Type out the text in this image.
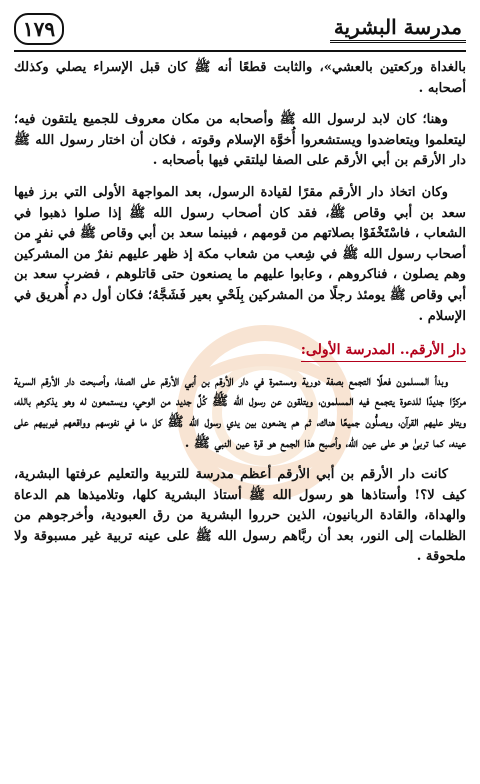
١٧٩	مدرسة البشرية

بالغداة وركعتين بالعشي»، والثابت قطعًا أنه ﷺ كان قبل الإسراء يصلي وكذلك أصحابه .

وهنا؛ كان لابد لرسول الله ﷺ وأصحابه من مكان معروف للجميع يلتقون فيه؛ ليتعلموا ويتعاضدوا ويستشعروا أُخوَّة الإسلام وقوته ، فكان أن اختار رسول الله ﷺ دار الأرقم بن أبي الأرقم على الصفا ليلتقي فيها بأصحابه .

وكان اتخاذ دار الأرقم مقرًا لقيادة الرسول، بعد المواجهة الأولى التي برز فيها سعد بن أبي وقاص ﷺ، فقد كان أصحاب رسول الله ﷺ إذا صلوا ذهبوا في الشعاب ، فاسْتَخْفَوْا بصلاتهم من قومهم ، فبينما سعد بن أبي وقاص ﷺ في نفرٍ من أصحاب رسول الله ﷺ في شِعب من شعاب مكة إذ ظهر عليهم نفرٌ من المشركين وهم يصلون ، فناكروهم ، وعابوا عليهم ما يصنعون حتى قاتلوهم ، فضرب سعد بن أبي وقاص ﷺ يومئذ رجلًا من المشركين بِلَحْيِ بعير فَشَجَّهُ؛ فكان أول دم أُهريق في الإسلام .

دار الأرقم.. المدرسة الأولى:

وبدأ المسلمون فعلًا التجمع بصفة دورية ومستمرة في دار الأرقم بن أبي الأرقم على الصفا، وأصبحت دار الأرقم السرية مركزًا جديدًا للدعوة يتجمع فيه المسلمون، ويتلقون عن رسول الله ﷺ كُلَّ جديد من الوحي، ويستمعون له وهو يذكرهم بالله، ويتلو عليهم القرآن، ويصلُّون جميعًا هناك، ثم هم يضعون بين يدي رسول الله ﷺ كل ما في نفوسهم وواقعهم فيربيهم على عينه، كما تربىٰ هو على عين الله، وأصبح هذا الجمع هو قرة عين النبي ﷺ .

كانت دار الأرقم بن أبي الأرقم أعظم مدرسة للتربية والتعليم عرفتها البشرية، كيف لا؟! وأستاذها هو رسول الله ﷺ أستاذ البشرية كلها، وتلاميذها هم الدعاة والهداة، والقادة الربانيون، الذين حرروا البشرية من رق العبودية، وأخرجوهم من الظلمات إلى النور، بعد أن ربَّاهم رسول الله ﷺ على عينه تربية غير مسبوقة ولا ملحوقة .
